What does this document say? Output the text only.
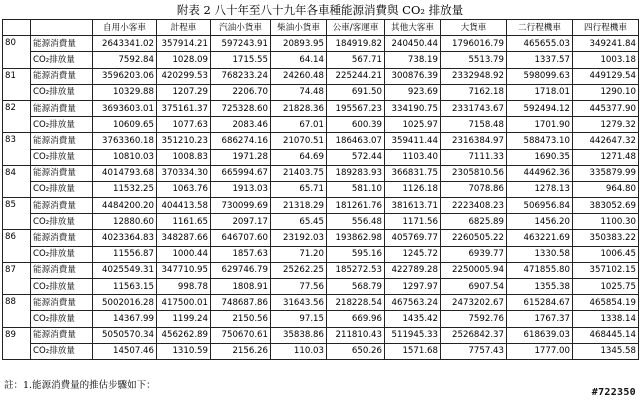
附表 2 八十年至八十九年各車種能源消費與 CO₂ 排放量
		自用小客車	計程車	汽油小貨車	柴油小貨車	公車/客運車	其他大客車	大貨車	二行程機車	四行程機車
80	能源消費量	2643341.02	357914.21	597243.91	20893.95	184919.82	240450.44	1796016.79	465655.03	349241.84
	CO₂排放量	7592.84	1028.09	1715.55	64.14	567.71	738.19	5513.79	1337.57	1003.18
81	能源消費量	3596203.06	420299.53	768233.24	24260.48	225244.21	300876.39	2332948.92	598099.63	449129.54
	CO₂排放量	10329.88	1207.29	2206.70	74.48	691.50	923.69	7162.18	1718.01	1290.10
82	能源消費量	3693603.01	375161.37	725328.60	21828.36	195567.23	334190.75	2331743.67	592494.12	445377.90
	CO₂排放量	10609.65	1077.63	2083.46	67.01	600.39	1025.97	7158.48	1701.90	1279.32
83	能源消費量	3763360.18	351210.23	686274.16	21070.51	186463.07	359411.44	2316384.97	588473.10	442647.32
	CO₂排放量	10810.03	1008.83	1971.28	64.69	572.44	1103.40	7111.33	1690.35	1271.48
84	能源消費量	4014793.68	370334.30	665994.67	21403.75	189283.93	366831.75	2305810.56	444962.36	335879.99
	CO₂排放量	11532.25	1063.76	1913.03	65.71	581.10	1126.18	7078.86	1278.13	964.80
85	能源消費量	4484200.20	404413.58	730099.69	21318.29	181261.76	381613.71	2223408.23	506956.84	383052.69
	CO₂排放量	12880.60	1161.65	2097.17	65.45	556.48	1171.56	6825.89	1456.20	1100.30
86	能源消費量	4023364.83	348287.66	646707.60	23192.03	193862.98	405769.77	2260505.22	463221.69	350383.22
	CO₂排放量	11556.87	1000.44	1857.63	71.20	595.16	1245.72	6939.77	1330.58	1006.45
87	能源消費量	4025549.31	347710.95	629746.79	25262.25	185272.53	422789.28	2250005.94	471855.80	357102.15
	CO₂排放量	11563.15	998.78	1808.91	77.56	568.79	1297.97	6907.54	1355.38	1025.75
88	能源消費量	5002016.28	417500.01	748687.86	31643.56	218228.54	467563.24	2473202.67	615284.67	465854.19
	CO₂排放量	14367.99	1199.24	2150.56	97.15	669.96	1435.42	7592.76	1767.37	1338.14
89	能源消費量	5050570.34	456262.89	750670.61	35838.86	211810.43	511945.33	2526842.37	618639.03	468445.14
	CO₂排放量	14507.46	1310.59	2156.26	110.03	650.26	1571.68	7757.43	1777.00	1345.58
註：1.能源消費量的推估步驟如下：
#722350
